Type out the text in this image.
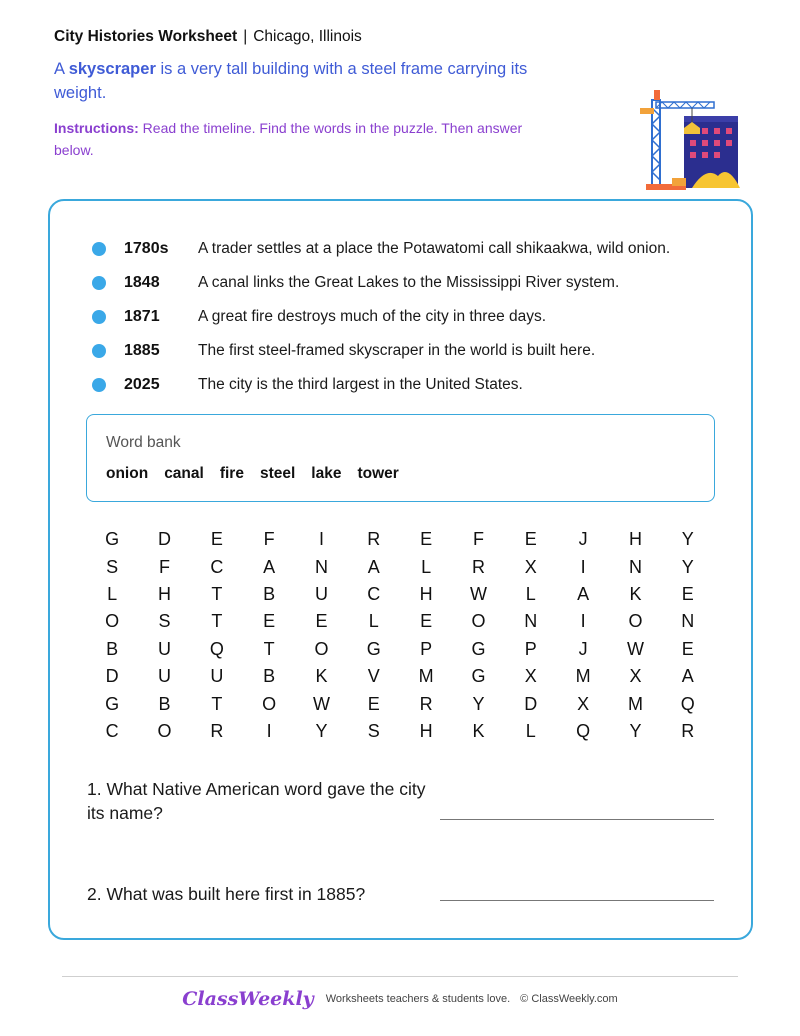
City Histories Worksheet | Chicago, Illinois
A skyscraper is a very tall building with a steel frame carrying its weight.
Instructions: Read the timeline. Find the words in the puzzle. Then answer below.
1780s	A trader settles at a place the Potawatomi call shikaakwa, wild onion.
1848	A canal links the Great Lakes to the Mississippi River system.
1871	A great fire destroys much of the city in three days.
1885	The first steel-framed skyscraper in the world is built here.
2025	The city is the third largest in the United States.
Word bank
onion canal fire steel lake tower
G	D	E	F	I	R	E	F	E	J	H	Y
S	F	C	A	N	A	L	R	X	I	N	Y
L	H	T	B	U	C	H	W	L	A	K	E
O	S	T	E	E	L	E	O	N	I	O	N
B	U	Q	T	O	G	P	G	P	J	W	E
D	U	U	B	K	V	M	G	X	M	X	A
G	B	T	O	W	E	R	Y	D	X	M	Q
C	O	R	I	Y	S	H	K	L	Q	Y	R
1. What Native American word gave the city its name?
2. What was built here first in 1885?
ClassWeekly Worksheets teachers & students love. © ClassWeekly.com
